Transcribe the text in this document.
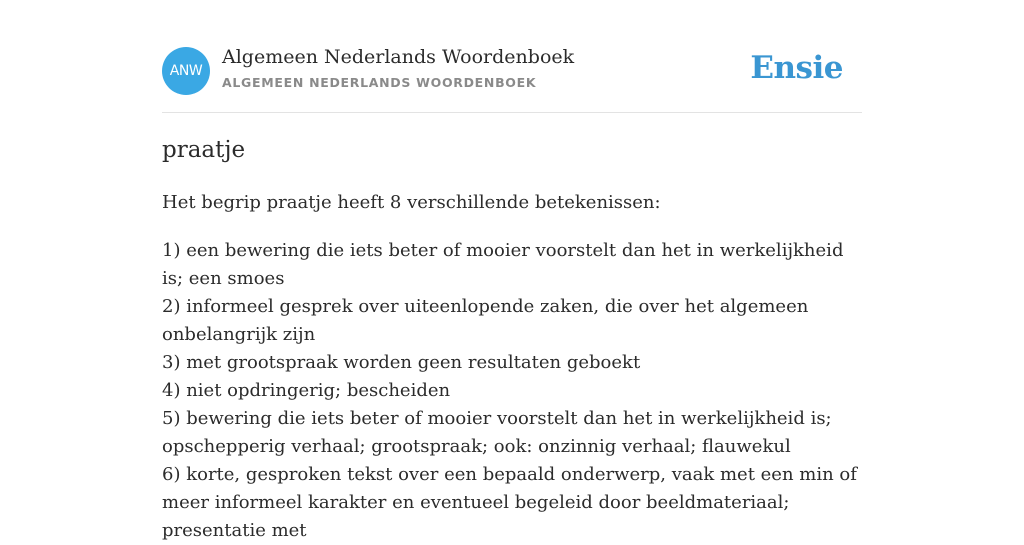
ANW
Algemeen Nederlands Woordenboek
ALGEMEEN NEDERLANDS WOORDENBOEK	Ensie
praatje

Het begrip praatje heeft 8 verschillende betekenissen:

1) een bewering die iets beter of mooier voorstelt dan het in werkelijkheid is; een smoes
2) informeel gesprek over uiteenlopende zaken, die over het algemeen onbelangrijk zijn
3) met grootspraak worden geen resultaten geboekt
4) niet opdringerig; bescheiden
5) bewering die iets beter of mooier voorstelt dan het in werkelijkheid is; opschepperig verhaal; grootspraak; ook: onzinnig verhaal; flauwekul
6) korte, gesproken tekst over een bepaald onderwerp, vaak met een min of meer informeel karakter en eventueel begeleid door beeldmateriaal; presentatie met
